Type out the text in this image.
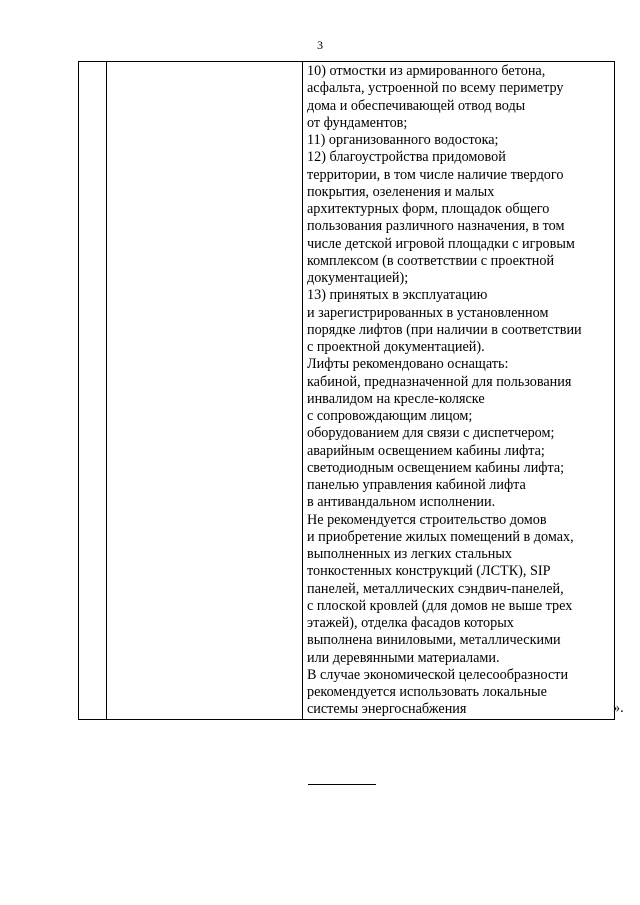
3

10) отмостки из армированного бетона,
асфальта, устроенной по всему периметру
дома и обеспечивающей отвод воды
от фундаментов;
11) организованного водостока;
12) благоустройства придомовой
территории, в том числе наличие твердого
покрытия, озеленения и малых
архитектурных форм, площадок общего
пользования различного назначения, в том
числе детской игровой площадки с игровым
комплексом (в соответствии с проектной
документацией);
13) принятых в эксплуатацию
и зарегистрированных в установленном
порядке лифтов (при наличии в соответствии
с проектной документацией).
Лифты рекомендовано оснащать:
кабиной, предназначенной для пользования
инвалидом на кресле-коляске
с сопровождающим лицом;
оборудованием для связи с диспетчером;
аварийным освещением кабины лифта;
светодиодным освещением кабины лифта;
панелью управления кабиной лифта
в антивандальном исполнении.
Не рекомендуется строительство домов
и приобретение жилых помещений в домах,
выполненных из легких стальных
тонкостенных конструкций (ЛСТК), SIP
панелей, металлических сэндвич-панелей,
с плоской кровлей (для домов не выше трех
этажей), отделка фасадов которых
выполнена виниловыми, металлическими
или деревянными материалами.
В случае экономической целесообразности
рекомендуется использовать локальные
системы энергоснабжения	».
